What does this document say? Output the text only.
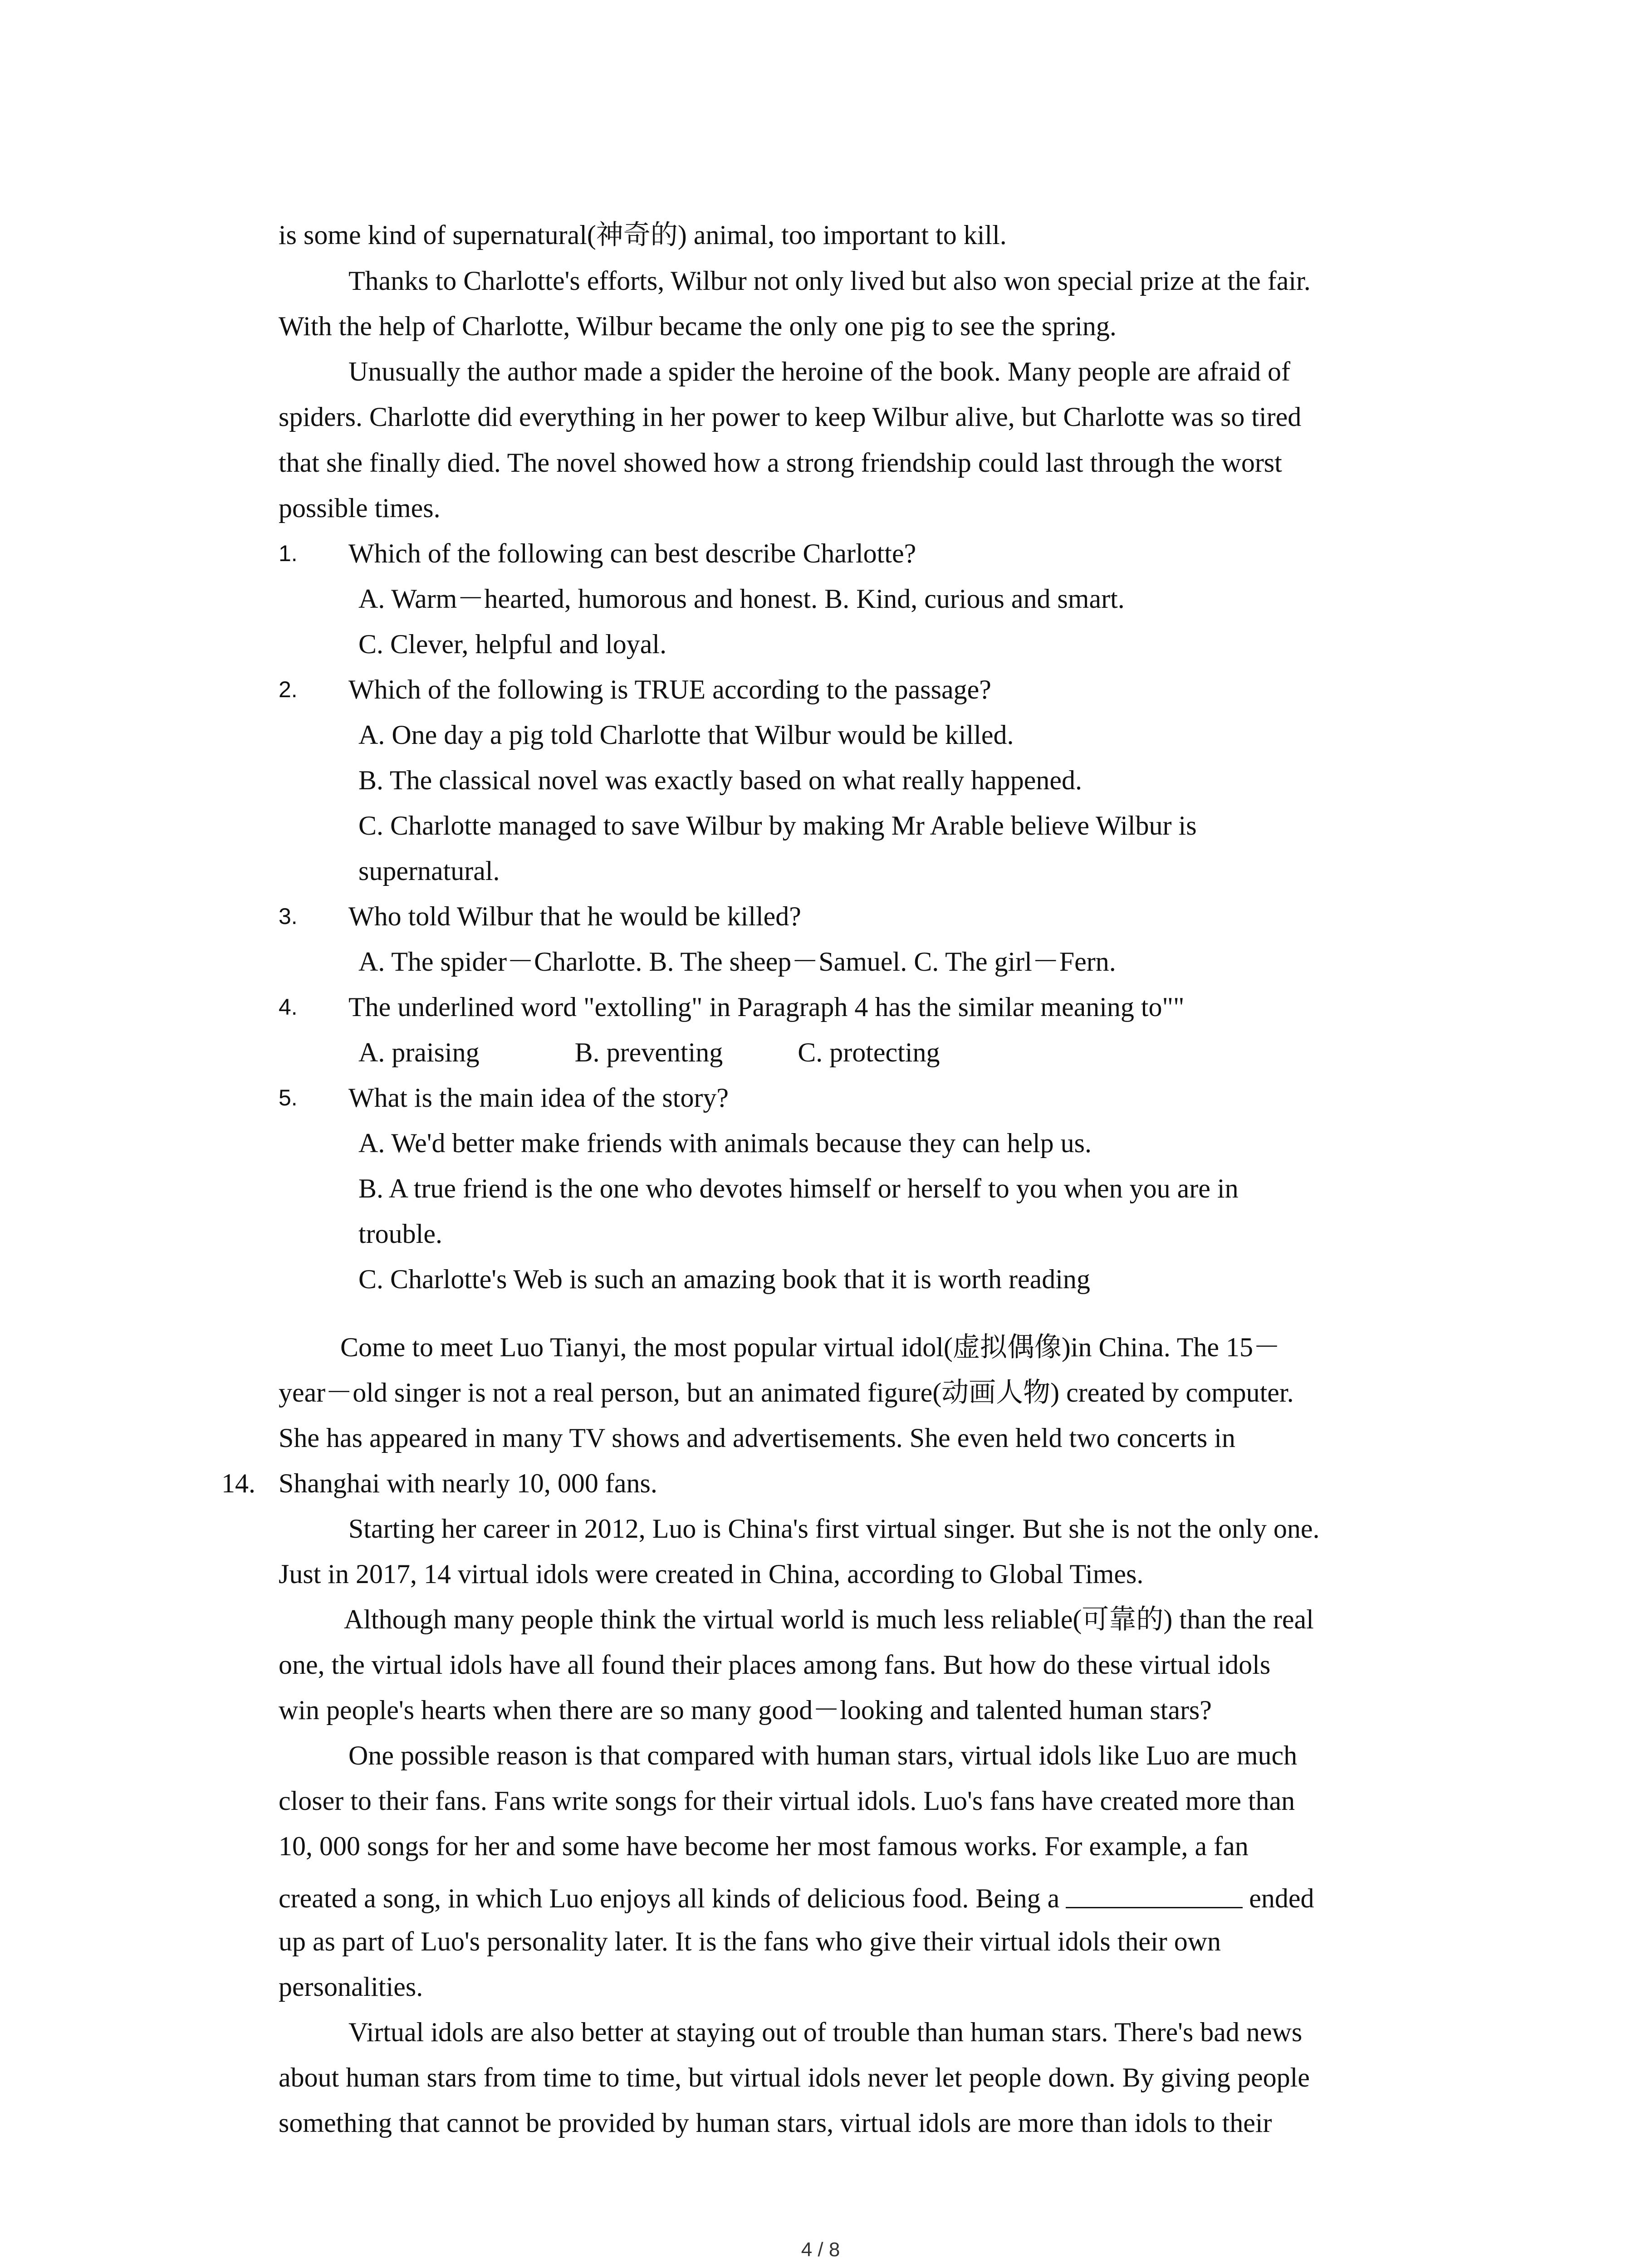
is some kind of supernatural(神奇的) animal, too important to kill.
Thanks to Charlotte's efforts, Wilbur not only lived but also won special prize at the fair.
With the help of Charlotte, Wilbur became the only one pig to see the spring.
Unusually the author made a spider the heroine of the book. Many people are afraid of
spiders. Charlotte did everything in her power to keep Wilbur alive, but Charlotte was so tired
that she finally died. The novel showed how a strong friendship could last through the worst
possible times.
1. Which of the following can best describe Charlotte?
A. Warm－hearted, humorous and honest. B. Kind, curious and smart.
C. Clever, helpful and loyal.
2. Which of the following is TRUE according to the passage?
A. One day a pig told Charlotte that Wilbur would be killed.
B. The classical novel was exactly based on what really happened.
C. Charlotte managed to save Wilbur by making Mr Arable believe Wilbur is
supernatural.
3. Who told Wilbur that he would be killed?
A. The spider－Charlotte. B. The sheep－Samuel. C. The girl－Fern.
4. The underlined word "extolling" in Paragraph 4 has the similar meaning to""
A. praising              B. preventing           C. protecting
5. What is the main idea of the story?
A. We'd better make friends with animals because they can help us.
B. A true friend is the one who devotes himself or herself to you when you are in
trouble.
C. Charlotte's Web is such an amazing book that it is worth reading
Come to meet Luo Tianyi, the most popular virtual idol(虚拟偶像)in China. The 15－
year－old singer is not a real person, but an animated figure(动画人物) created by computer.
She has appeared in many TV shows and advertisements. She even held two concerts in
14. Shanghai with nearly 10, 000 fans.
Starting her career in 2012, Luo is China's first virtual singer. But she is not the only one.
Just in 2017, 14 virtual idols were created in China, according to Global Times.
Although many people think the virtual world is much less reliable(可靠的) than the real
one, the virtual idols have all found their places among fans. But how do these virtual idols
win people's hearts when there are so many good－looking and talented human stars?
One possible reason is that compared with human stars, virtual idols like Luo are much
closer to their fans. Fans write songs for their virtual idols. Luo's fans have created more than
10, 000 songs for her and some have become her most famous works. For example, a fan
created a song, in which Luo enjoys all kinds of delicious food. Being a	ended
up as part of Luo's personality later. It is the fans who give their virtual idols their own
personalities.
Virtual idols are also better at staying out of trouble than human stars. There's bad news
about human stars from time to time, but virtual idols never let people down. By giving people
something that cannot be provided by human stars, virtual idols are more than idols to their
4 / 8
